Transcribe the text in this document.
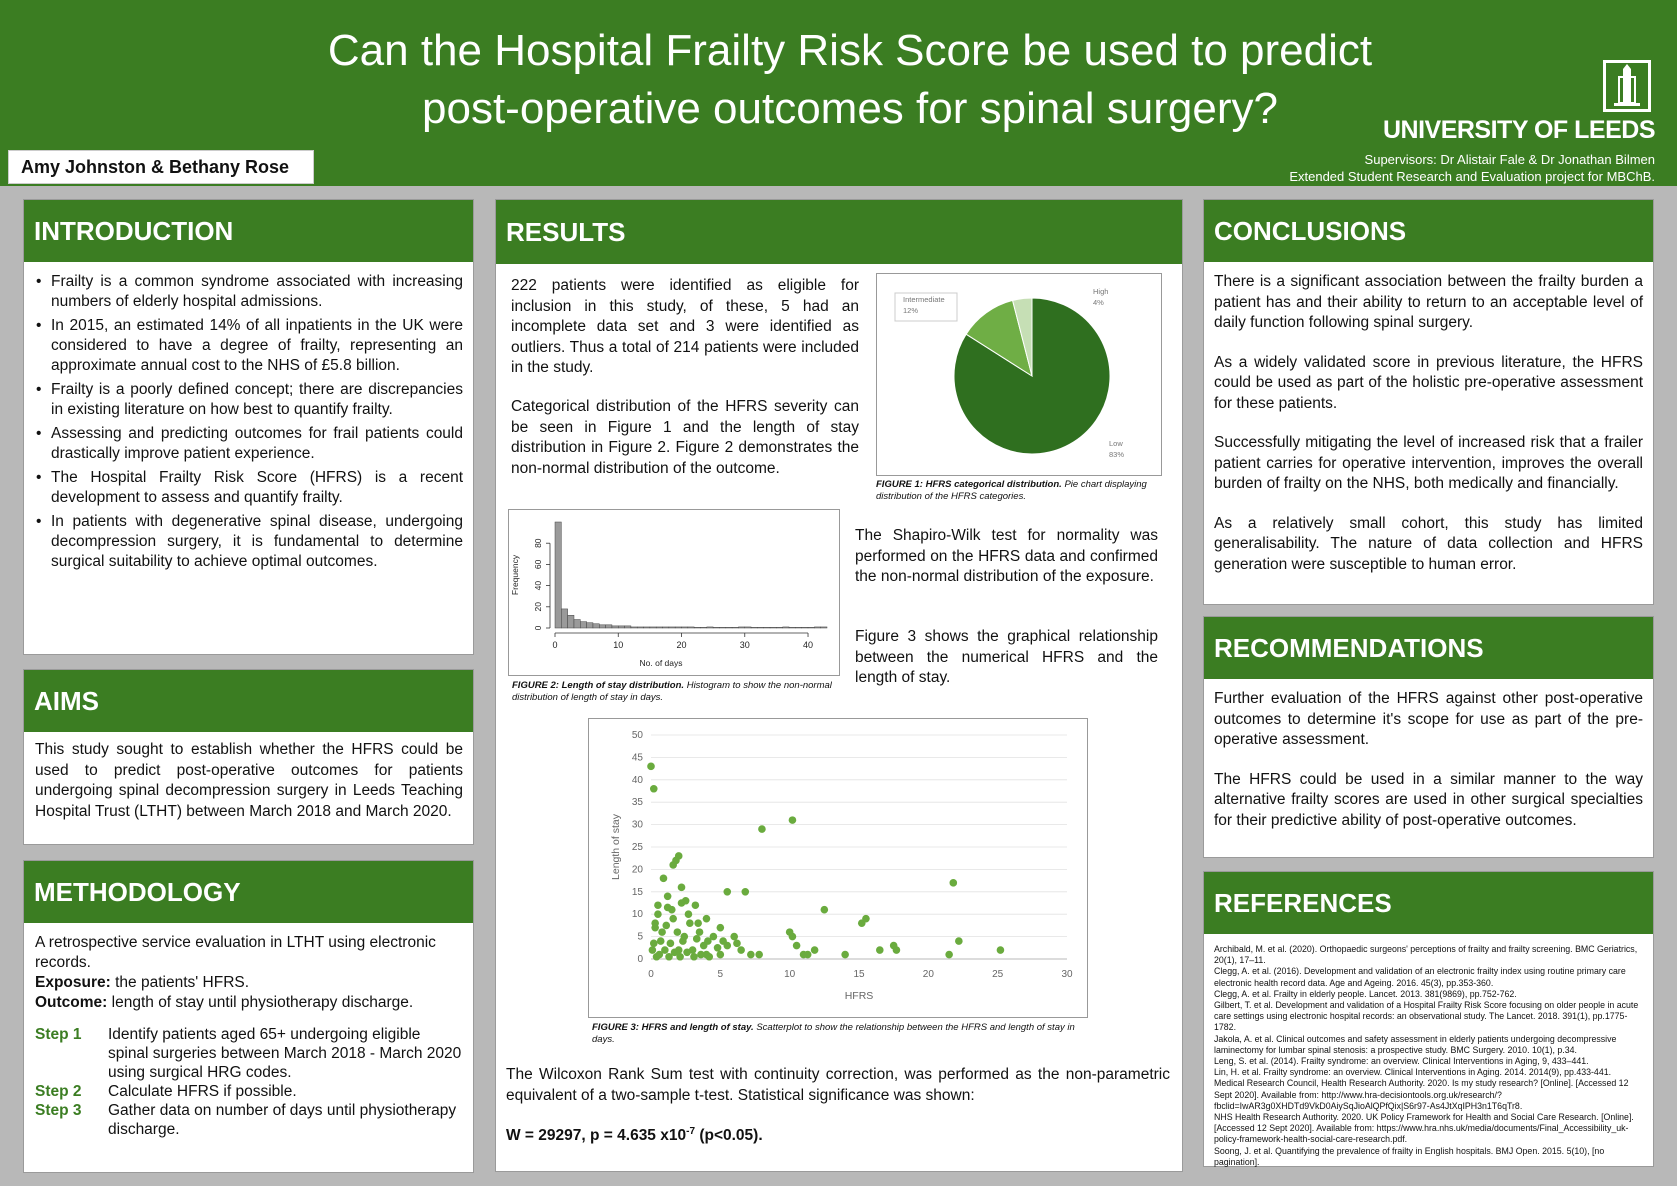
Can the Hospital Frailty Risk Score be used to predict
post-operative outcomes for spinal surgery?
Amy Johnston & Bethany Rose
UNIVERSITY OF LEEDS
Supervisors: Dr Alistair Fale & Dr Jonathan Bilmen
Extended Student Research and Evaluation project for MBChB.
INTRODUCTION
• Frailty is a common syndrome associated with increasing numbers of elderly hospital admissions.
• In 2015, an estimated 14% of all inpatients in the UK were considered to have a degree of frailty, representing an approximate annual cost to the NHS of £5.8 billion.
• Frailty is a poorly defined concept; there are discrepancies in existing literature on how best to quantify frailty.
• Assessing and predicting outcomes for frail patients could drastically improve patient experience.
• The Hospital Frailty Risk Score (HFRS) is a recent development to assess and quantify frailty.
• In patients with degenerative spinal disease, undergoing decompression surgery, it is fundamental to determine surgical suitability to achieve optimal outcomes.
AIMS
This study sought to establish whether the HFRS could be used to predict post-operative outcomes for patients undergoing spinal decompression surgery in Leeds Teaching Hospital Trust (LTHT) between March 2018 and March 2020.
METHODOLOGY
A retrospective service evaluation in LTHT using electronic records.
Exposure: the patients' HFRS.
Outcome: length of stay until physiotherapy discharge.
Step 1	Identify patients aged 65+ undergoing eligible spinal surgeries between March 2018 - March 2020 using surgical HRG codes.
Step 2	Calculate HFRS if possible.
Step 3	Gather data on number of days until physiotherapy discharge.
RESULTS
222 patients were identified as eligible for inclusion in this study, of these, 5 had an incomplete data set and 3 were identified as outliers. Thus a total of 214 patients were included in the study.
Categorical distribution of the HFRS severity can be seen in Figure 1 and the length of stay distribution in Figure 2. Figure 2 demonstrates the non-normal distribution of the outcome.
Low
83%
Intermediate
12%
High
4%
FIGURE 1: HFRS categorical distribution. Pie chart displaying distribution of the HFRS categories.
0	10	20	30	40
0
20
40
60
80
No. of days
Frequency
FIGURE 2: Length of stay distribution. Histogram to show the non-normal distribution of length of stay in days.
The Shapiro-Wilk test for normality was performed on the HFRS data and confirmed the non-normal distribution of the exposure.
Figure 3 shows the graphical relationship between the numerical HFRS and the length of stay.
0
5
10
15
20
25
30
35
40
45
50
0	5	10	15	20	25	30
HFRS
Length of stay
FIGURE 3: HFRS and length of stay. Scatterplot to show the relationship between the HFRS and length of stay in days.
The Wilcoxon Rank Sum test with continuity correction, was performed as the non-parametric equivalent of a two-sample t-test. Statistical significance was shown:
W = 29297, p = 4.635 $x10^{-7}$ (p<0.05).
CONCLUSIONS
There is a significant association between the frailty burden a patient has and their ability to return to an acceptable level of daily function following spinal surgery.
As a widely validated score in previous literature, the HFRS could be used as part of the holistic pre-operative assessment for these patients.
Successfully mitigating the level of increased risk that a frailer patient carries for operative intervention, improves the overall burden of frailty on the NHS, both medically and financially.
As a relatively small cohort, this study has limited generalisability. The nature of data collection and HFRS generation were susceptible to human error.
RECOMMENDATIONS
Further evaluation of the HFRS against other post-operative outcomes to determine it's scope for use as part of the pre-operative assessment.
The HFRS could be used in a similar manner to the way alternative frailty scores are used in other surgical specialties for their predictive ability of post-operative outcomes.
REFERENCES
Archibald, M. et al. (2020). Orthopaedic surgeons' perceptions of frailty and frailty screening. BMC Geriatrics, 20(1), 17–11.
Clegg, A. et al. (2016). Development and validation of an electronic frailty index using routine primary care electronic health record data. Age and Ageing. 2016. 45(3), pp.353-360.
Clegg, A. et al. Frailty in elderly people. Lancet. 2013. 381(9869), pp.752-762.
Gilbert, T. et al. Development and validation of a Hospital Frailty Risk Score focusing on older people in acute care settings using electronic hospital records: an observational study. The Lancet. 2018. 391(1), pp.1775-1782.
Jakola, A. et al. Clinical outcomes and safety assessment in elderly patients undergoing decompressive laminectomy for lumbar spinal stenosis: a prospective study. BMC Surgery. 2010. 10(1), p.34.
Leng, S. et al. (2014). Frailty syndrome: an overview. Clinical Interventions in Aging, 9, 433–441.
Lin, H. et al. Frailty syndrome: an overview. Clinical Interventions in Aging. 2014. 2014(9), pp.433-441.
Medical Research Council, Health Research Authority. 2020. Is my study research? [Online]. [Accessed 12 Sept 2020]. Available from: http://www.hra-decisiontools.org.uk/research/?fbclid=IwAR3g0XHDTd9VkD0AiySqJioAlQPfQix|S6r97-As4JtXqIPH3n1T6qTr8.
NHS Health Research Authority. 2020. UK Policy Framework for Health and Social Care Research. [Online]. [Accessed 12 Sept 2020]. Available from: https://www.hra.nhs.uk/media/documents/Final_Accessibility_uk-policy-framework-health-social-care-research.pdf.
Soong, J. et al. Quantifying the prevalence of frailty in English hospitals. BMJ Open. 2015. 5(10), [no pagination].
